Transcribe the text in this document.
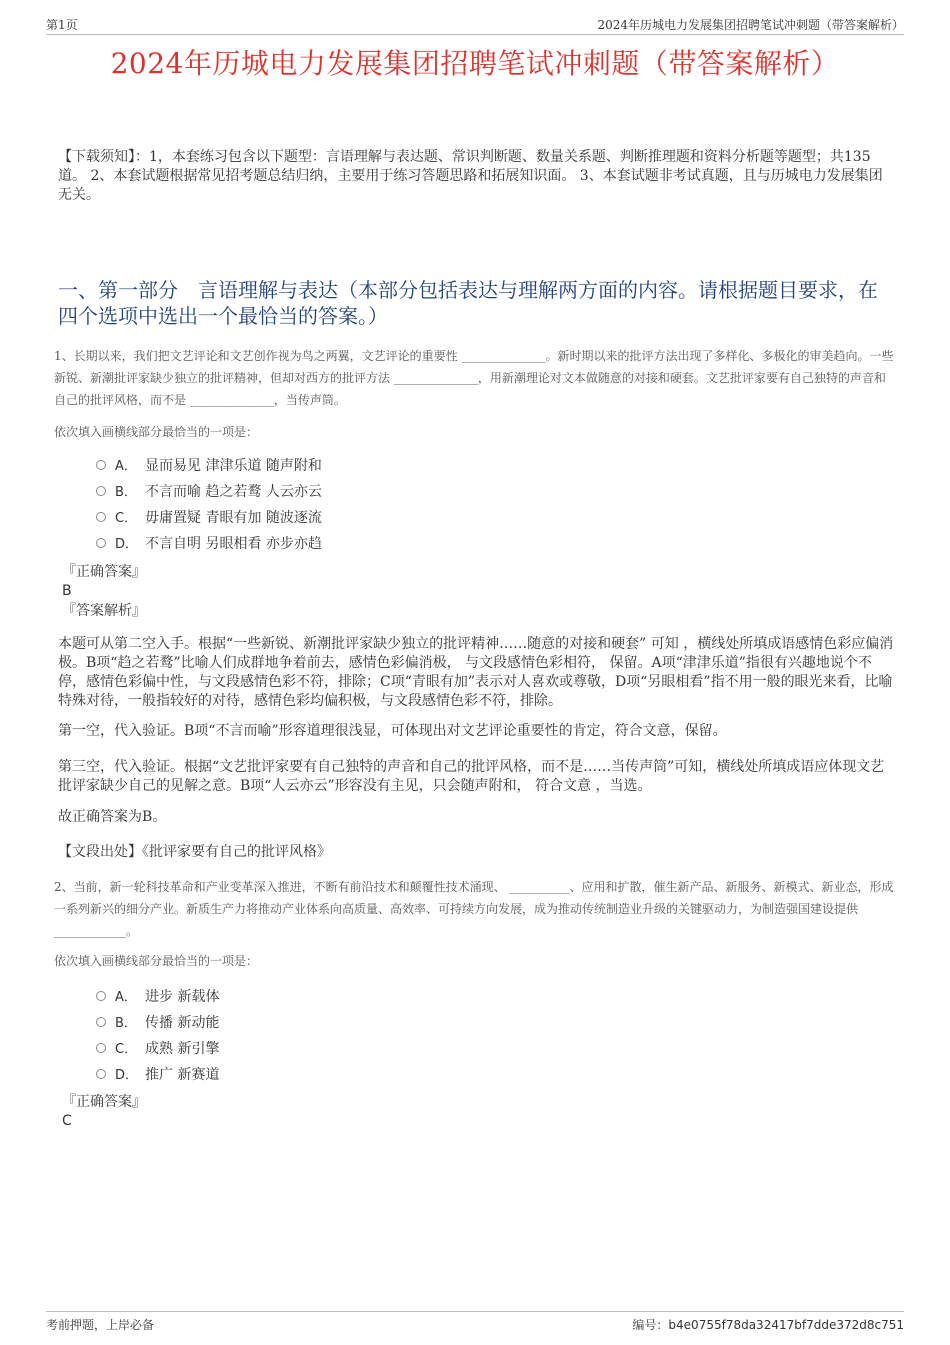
第1页	2024年历城电力发展集团招聘笔试冲刺题（带答案解析）
2024年历城电力发展集团招聘笔试冲刺题（带答案解析）
【下载须知】：1，本套练习包含以下题型：言语理解与表达题、常识判断题、数量关系题、判断推理题和资料分析题等题型；共135道。 2、本套试题根据常见招考题总结归纳，主要用于练习答题思路和拓展知识面。 3、本套试题非考试真题，且与历城电力发展集团无关。
一、第一部分　言语理解与表达（本部分包括表达与理解两方面的内容。请根据题目要求，在四个选项中选出一个最恰当的答案。）
1、长期以来，我们把文艺评论和文艺创作视为鸟之两翼，文艺评论的重要性 ______________。新时期以来的批评方法出现了多样化、多极化的审美趋向。一些新锐、新潮批评家缺少独立的批评精神，但却对西方的批评方法 ______________，用新潮理论对文本做随意的对接和硬套。文艺批评家要有自己独特的声音和自己的批评风格，而不是 ______________，当传声筒。
依次填入画横线部分最恰当的一项是：
A． 显而易见 津津乐道 随声附和
B． 不言而喻 趋之若鹜 人云亦云
C． 毋庸置疑 青眼有加 随波逐流
D． 不言自明 另眼相看 亦步亦趋
『正确答案』
B
『答案解析』
本题可从第二空入手。根据“一些新锐、新潮批评家缺少独立的批评精神……随意的对接和硬套” 可知 ，横线处所填成语感情色彩应偏消极。B项“趋之若鹜”比喻人们成群地争着前去，感情色彩偏消极， 与文段感情色彩相符， 保留。A项“津津乐道”指很有兴趣地说个不停，感情色彩偏中性，与文段感情色彩不符，排除；C项“青眼有加”表示对人喜欢或尊敬，D项“另眼相看”指不用一般的眼光来看，比喻特殊对待，一般指较好的对待，感情色彩均偏积极，与文段感情色彩不符，排除。
第一空，代入验证。B项“不言而喻”形容道理很浅显，可体现出对文艺评论重要性的肯定，符合文意，保留。
第三空，代入验证。根据“文艺批评家要有自己独特的声音和自己的批评风格，而不是……当传声筒”可知，横线处所填成语应体现文艺批评家缺少自己的见解之意。B项“人云亦云”形容没有主见，只会随声附和， 符合文意 ，当选。
故正确答案为B。
【文段出处】《批评家要有自己的批评风格》
2、当前，新一轮科技革命和产业变革深入推进，不断有前沿技术和颠覆性技术涌现、 __________、应用和扩散，催生新产品、新服务、新模式、新业态，形成一系列新兴的细分产业。新质生产力将推动产业体系向高质量、高效率、可持续方向发展，成为推动传统制造业升级的关键驱动力，为制造强国建设提供 ____________。
依次填入画横线部分最恰当的一项是：
A． 进步 新载体
B． 传播 新动能
C． 成熟 新引擎
D． 推广 新赛道
『正确答案』
C
考前押题，上岸必备	编号：b4e0755f78da32417bf7dde372d8c751
